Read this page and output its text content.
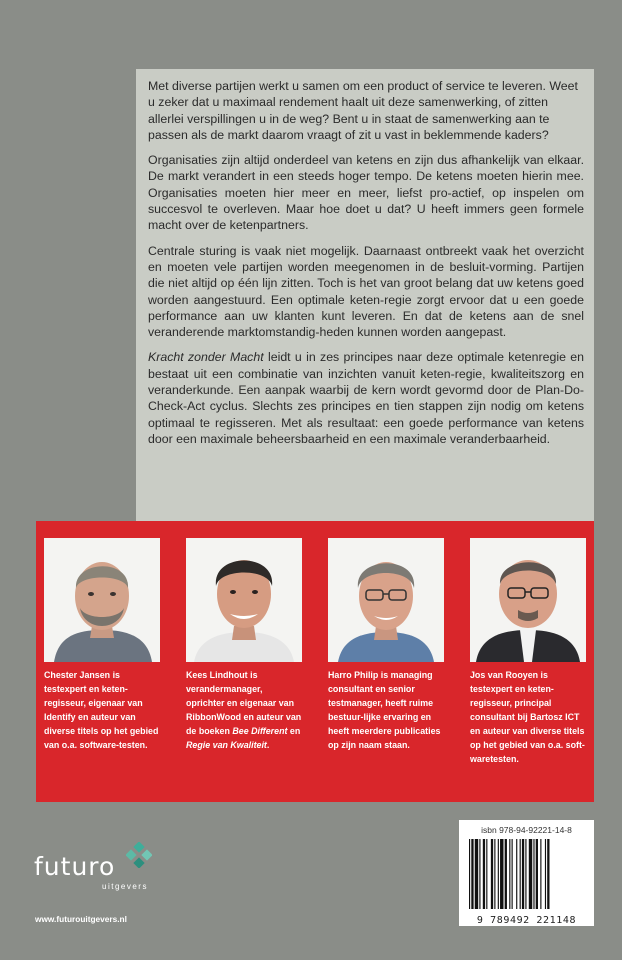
Met diverse partijen werkt u samen om een product of service te leveren. Weet u zeker dat u maximaal rendement haalt uit deze samenwerking, of zitten allerlei verspillingen u in de weg? Bent u in staat de samenwerking aan te passen als de markt daarom vraagt of zit u vast in beklemmende kaders?

Organisaties zijn altijd onderdeel van ketens en zijn dus afhankelijk van elkaar. De markt verandert in een steeds hoger tempo. De ketens moeten hierin mee. Organisaties moeten hier meer en meer, liefst pro-actief, op inspelen om succesvol te overleven. Maar hoe doet u dat? U heeft immers geen formele macht over de ketenpartners.

Centrale sturing is vaak niet mogelijk. Daarnaast ontbreekt vaak het overzicht en moeten vele partijen worden meegenomen in de besluit-vorming. Partijen die niet altijd op één lijn zitten. Toch is het van groot belang dat uw ketens goed worden aangestuurd. Een optimale keten-regie zorgt ervoor dat u een goede performance aan uw klanten kunt leveren. En dat de ketens aan de snel veranderende marktomstandig-heden kunnen worden aangepast.

Kracht zonder Macht leidt u in zes principes naar deze optimale ketenregie en bestaat uit een combinatie van inzichten vanuit keten-regie, kwaliteitszorg en veranderkunde. Een aanpak waarbij de kern wordt gevormd door de Plan-Do-Check-Act cyclus. Slechts zes principes en tien stappen zijn nodig om ketens optimaal te regisseren. Met als resultaat: een goede performance van ketens door een maximale beheersbaarheid en een maximale veranderbaarheid.

Chester Jansen is testexpert en keten-regisseur, eigenaar van Identify en auteur van diverse titels op het gebied van o.a. software-testen.
Kees Lindhout is verandermanager, oprichter en eigenaar van RibbonWood en auteur van de boeken Bee Different en Regie van Kwaliteit.
Harro Philip is managing consultant en senior testmanager, heeft ruime bestuur-lijke ervaring en heeft meerdere publicaties op zijn naam staan.
Jos van Rooyen is testexpert en keten-regisseur, principal consultant bij Bartosz ICT en auteur van diverse titels op het gebied van o.a. soft-waretesten.
futuro
uitgevers
www.futurouitgevers.nl
isbn 978-94-92221-14-8
9 789492 221148
